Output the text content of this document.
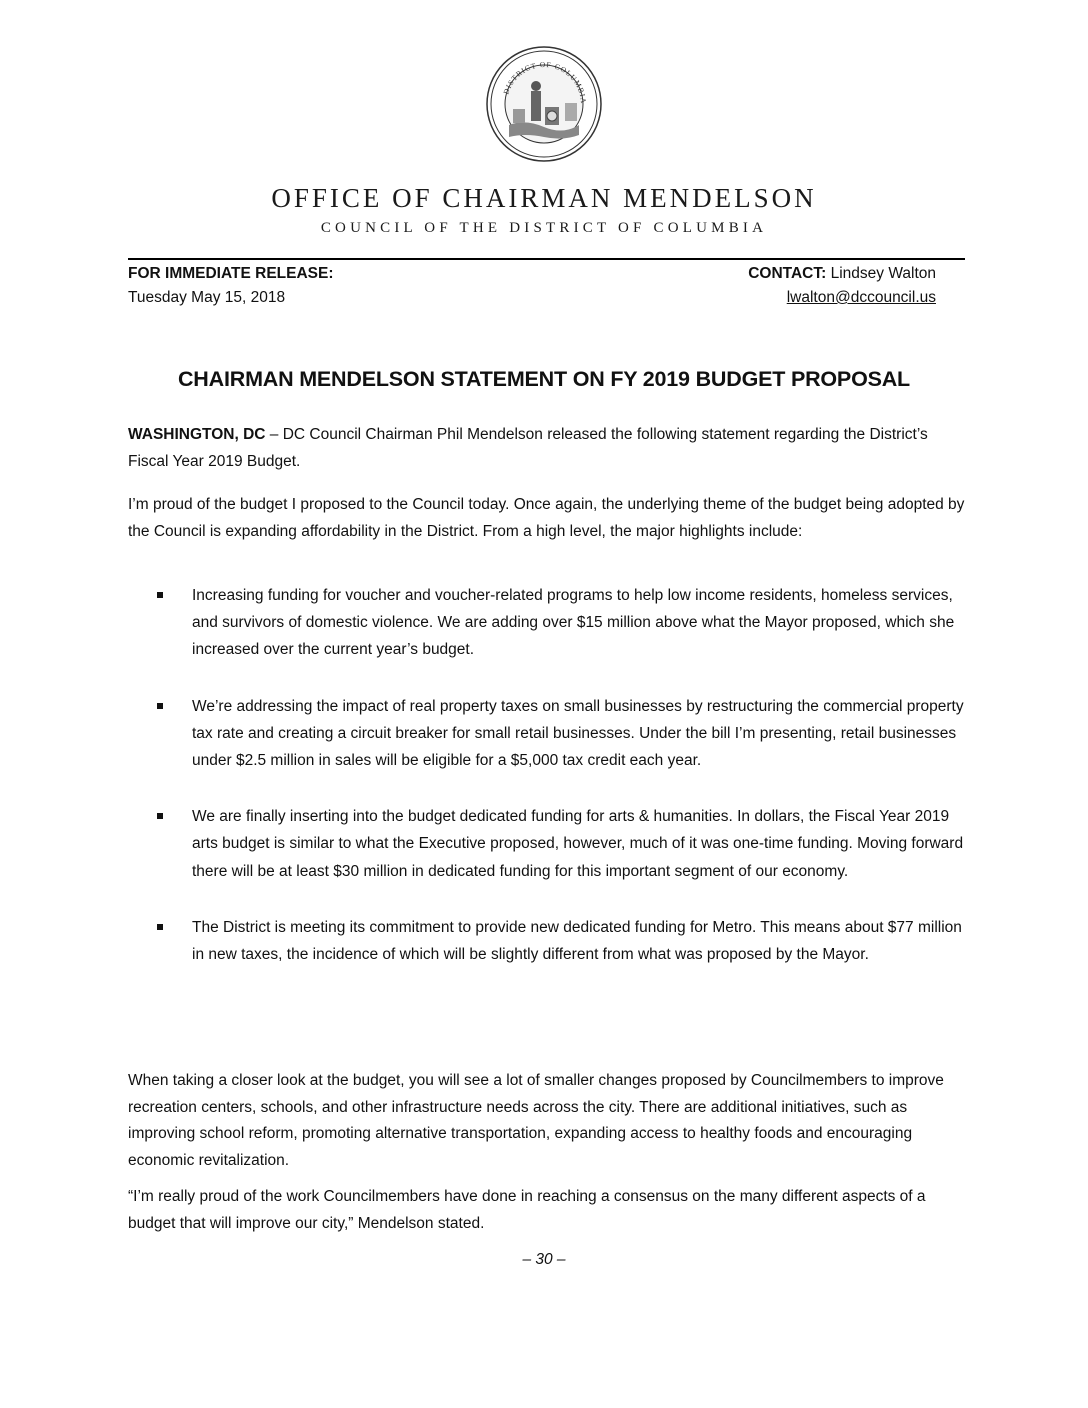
DISTRICT OF COLUMBIA
OFFICE OF CHAIRMAN MENDELSON
COUNCIL OF THE DISTRICT OF COLUMBIA
FOR IMMEDIATE RELEASE:
Tuesday May 15, 2018
CONTACT: Lindsey Walton
lwalton@dccouncil.us
CHAIRMAN MENDELSON STATEMENT ON FY 2019 BUDGET PROPOSAL
WASHINGTON, DC – DC Council Chairman Phil Mendelson released the following statement regarding the District’s Fiscal Year 2019 Budget.
I’m proud of the budget I proposed to the Council today. Once again, the underlying theme of the budget being adopted by the Council is expanding affordability in the District. From a high level, the major highlights include:
Increasing funding for voucher and voucher-related programs to help low income residents, homeless services, and survivors of domestic violence. We are adding over $15 million above what the Mayor proposed, which she increased over the current year’s budget.
We’re addressing the impact of real property taxes on small businesses by restructuring the commercial property tax rate and creating a circuit breaker for small retail businesses. Under the bill I’m presenting, retail businesses under $2.5 million in sales will be eligible for a $5,000 tax credit each year.
We are finally inserting into the budget dedicated funding for arts & humanities. In dollars, the Fiscal Year 2019 arts budget is similar to what the Executive proposed, however, much of it was one-time funding. Moving forward there will be at least $30 million in dedicated funding for this important segment of our economy.
The District is meeting its commitment to provide new dedicated funding for Metro. This means about $77 million in new taxes, the incidence of which will be slightly different from what was proposed by the Mayor.
When taking a closer look at the budget, you will see a lot of smaller changes proposed by Councilmembers to improve recreation centers, schools, and other infrastructure needs across the city. There are additional initiatives, such as improving school reform, promoting alternative transportation, expanding access to healthy foods and encouraging economic revitalization.
“I’m really proud of the work Councilmembers have done in reaching a consensus on the many different aspects of a budget that will improve our city,” Mendelson stated.
– 30 –
